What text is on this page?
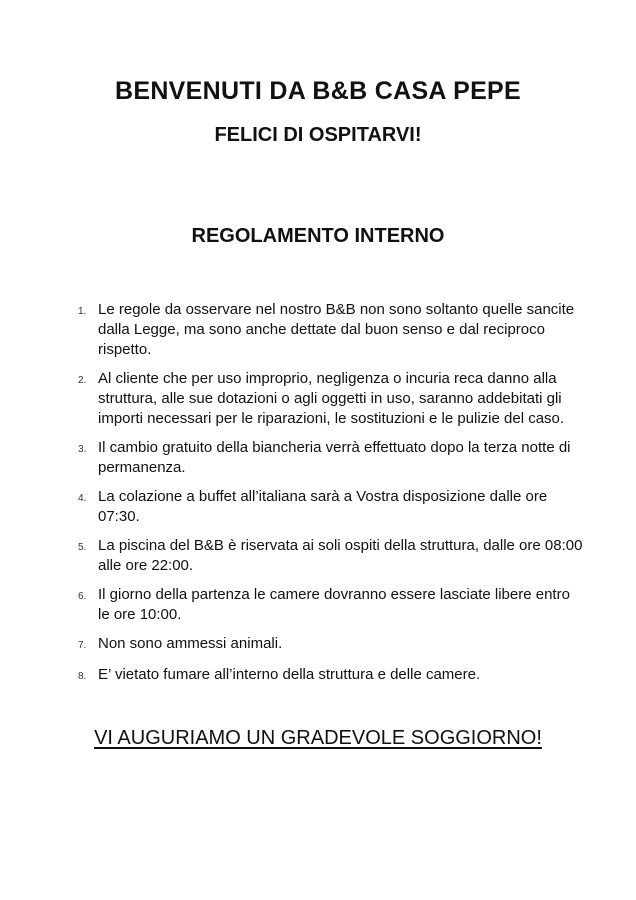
BENVENUTI DA B&B CASA PEPE
FELICI DI OSPITARVI!
REGOLAMENTO INTERNO
1. Le regole da osservare nel nostro B&B non sono soltanto quelle sancite dalla Legge, ma sono anche dettate dal buon senso e dal reciproco rispetto.
2. Al cliente che per uso improprio, negligenza o incuria reca danno alla struttura, alle sue dotazioni o agli oggetti in uso, saranno addebitati gli importi necessari per le riparazioni, le sostituzioni e le pulizie del caso.
3. Il cambio gratuito della biancheria verrà effettuato dopo la terza notte di permanenza.
4. La colazione a buffet all’italiana sarà a Vostra disposizione dalle ore 07:30.
5. La piscina del B&B è riservata ai soli ospiti della struttura, dalle ore 08:00 alle ore 22:00.
6. Il giorno della partenza le camere dovranno essere lasciate libere entro le ore 10:00.
7. Non sono ammessi animali.
8. E’ vietato fumare all’interno della struttura e delle camere.

VI AUGURIAMO UN GRADEVOLE SOGGIORNO!
